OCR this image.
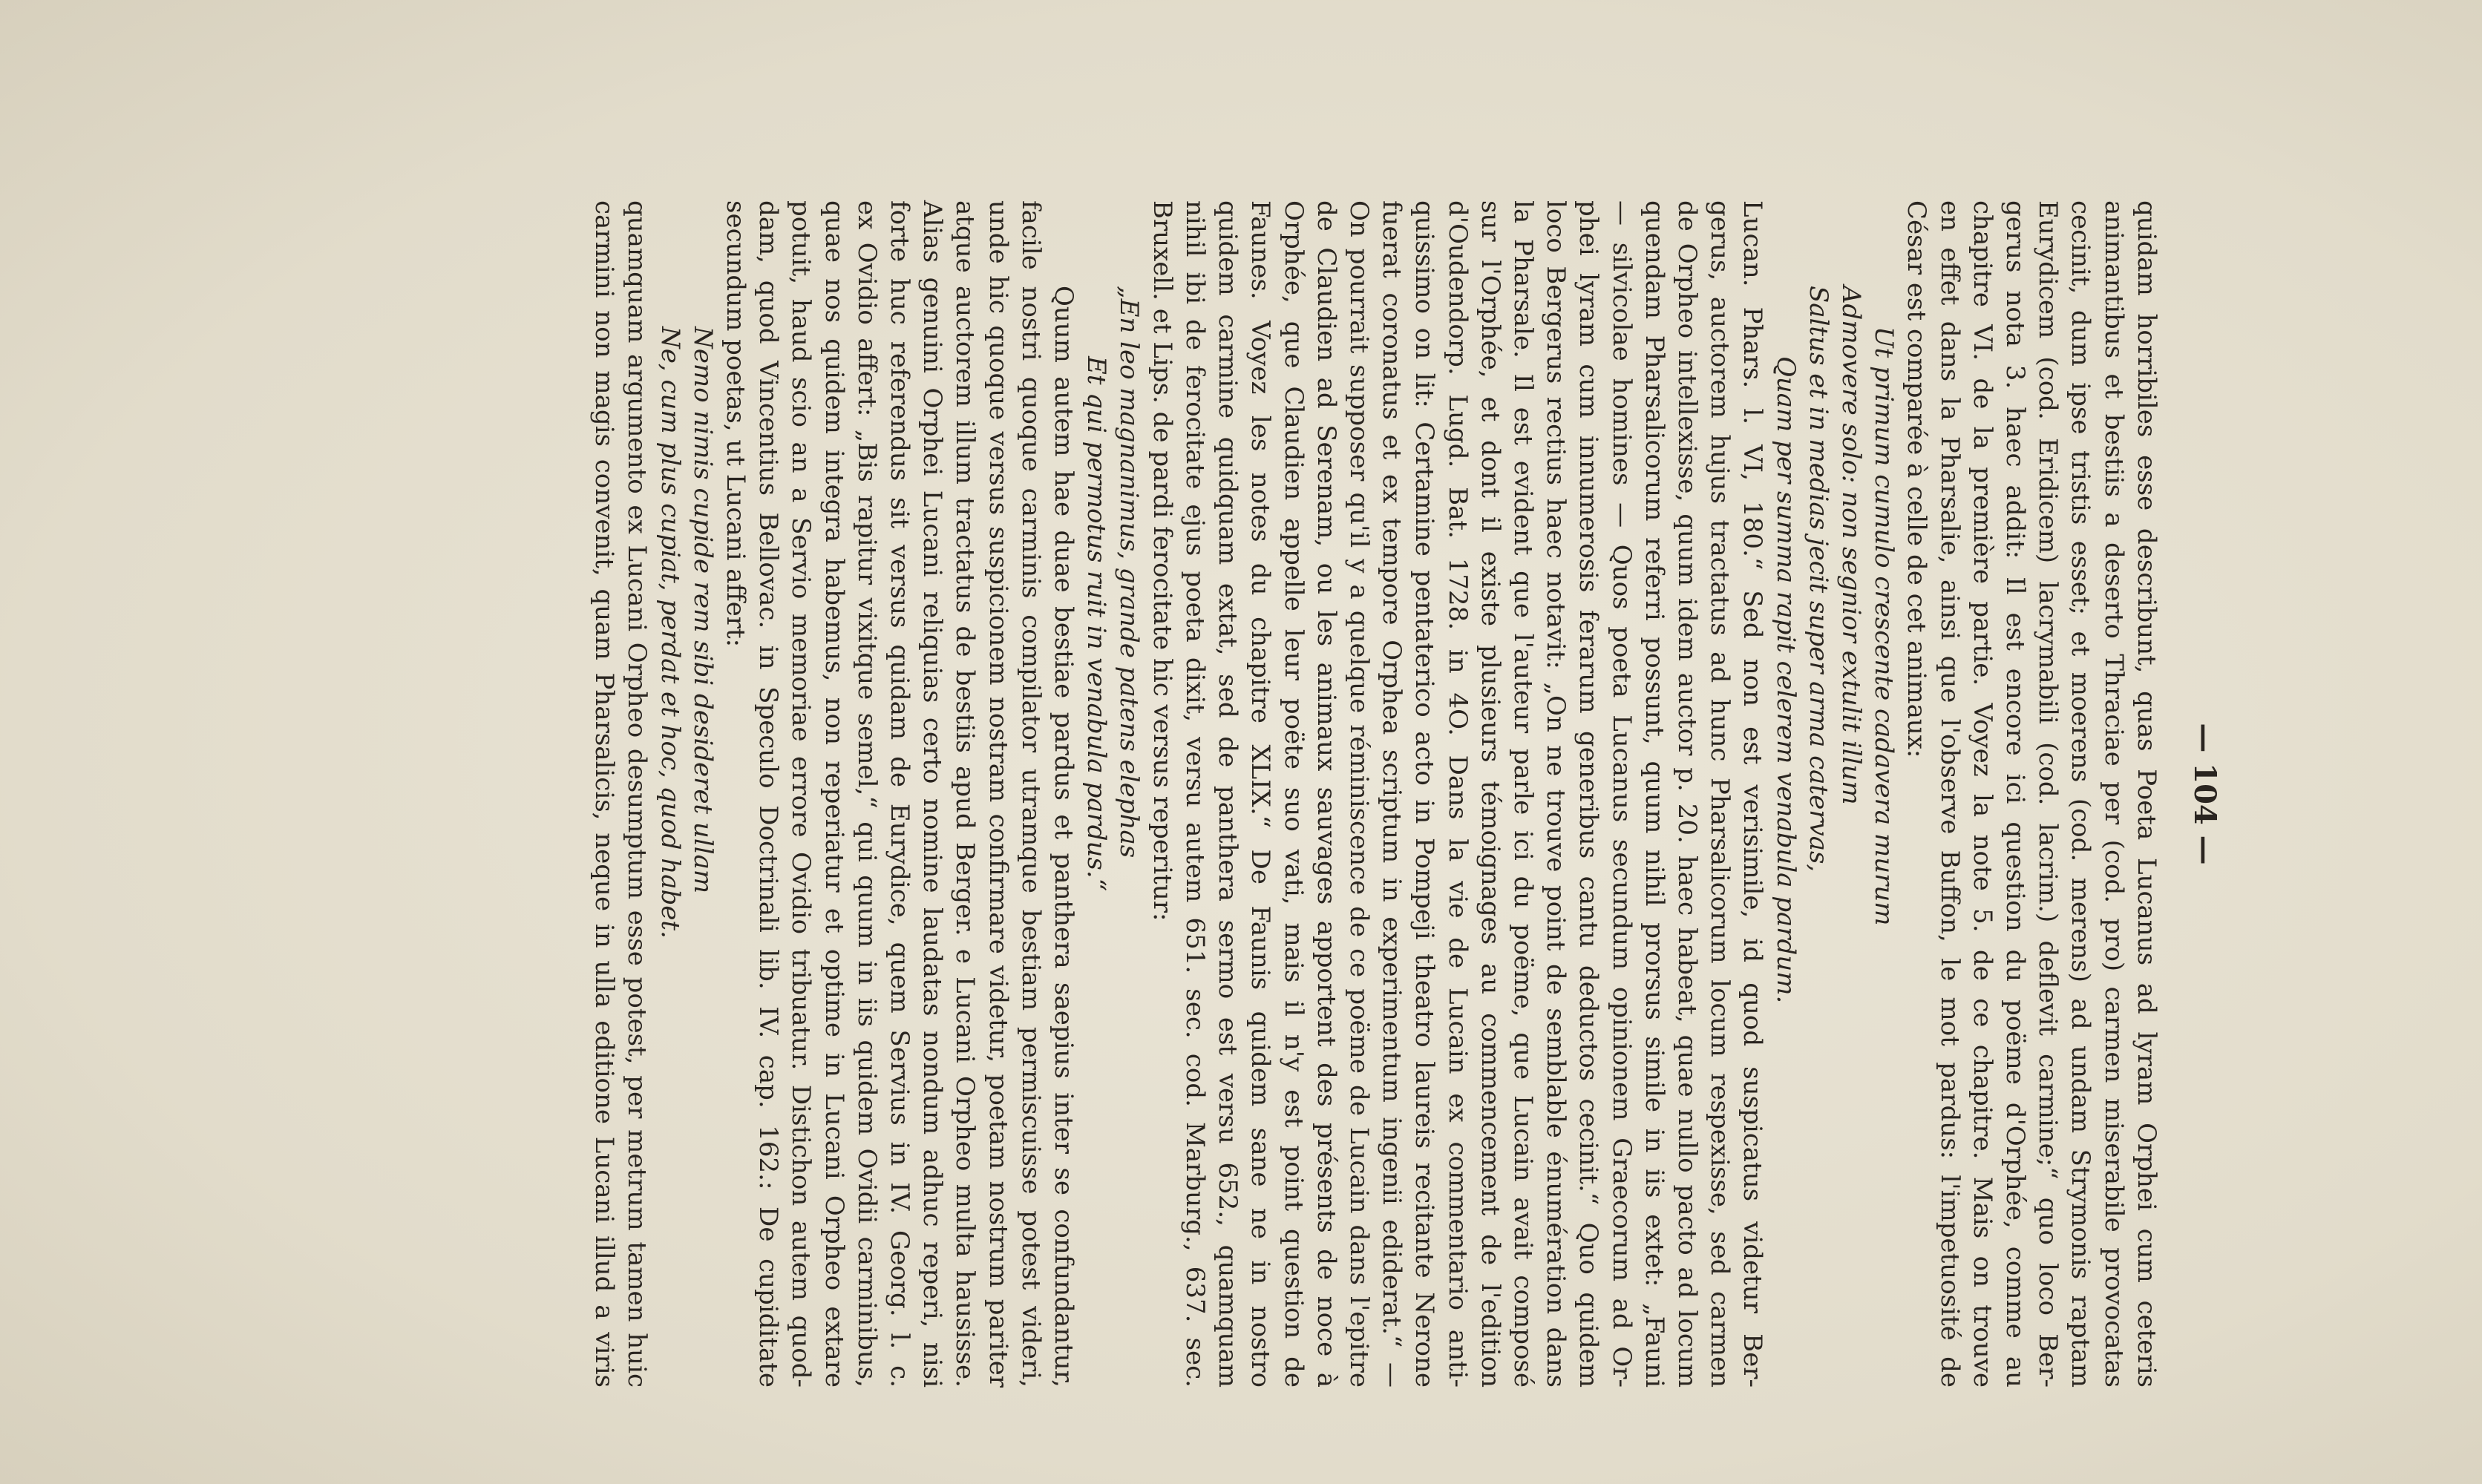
— 104 —
quidam horribiles esse describunt, quas Poeta Lucanus ad lyram Orphei cum ceteris
animantibus et bestiis a deserto Thraciae per (cod. pro) carmen miserabile provocatas
cecinit, dum ipse tristis esset; et moerens (cod. merens) ad undam Strymonis raptam
Eurydicem (cod. Eridicem) lacrymabili (cod. lacrim.) deflevit carmine;“ quo loco Ber-
gerus nota 3. haec addit: Il est encore ici question du poëme d'Orphée, comme au
chapitre VI. de la première partie. Voyez la note 5. de ce chapitre. Mais on trouve
en effet dans la Pharsalie, ainsi que l'observe Buffon, le mot pardus: l'impetuosité de
César est comparée à celle de cet animaux:
Ut primum cumulo crescente cadavera murum
Admovere solo: non segnior extulit illum
Saltus et in medias jecit super arma catervas,
Quam per summa rapit celerem venabula pardum.
Lucan. Phars. l. VI, 180.“ Sed non est verisimile, id quod suspicatus videtur Ber-
gerus, auctorem hujus tractatus ad hunc Pharsalicorum locum respexisse, sed carmen
de Orpheo intellexisse, quum idem auctor p. 20. haec habeat, quae nullo pacto ad locum
quendam Pharsalicorum referri possunt, quum nihil prorsus simile in iis extet: „Fauni
— silvicolae homines — Quos poeta Lucanus secundum opinionem Graecorum ad Or-
phei lyram cum innumerosis ferarum generibus cantu deductos cecinit.“ Quo quidem
loco Bergerus rectius haec notavit: „On ne trouve point de semblable énumération dans
la Pharsale. Il est evident que l'auteur parle ici du poëme, que Lucain avait composé
sur l'Orphée, et dont il existe plusieurs témoignages au commencement de l'edition
d'Oudendorp. Lugd. Bat. 1728. in 4O. Dans la vie de Lucain ex commentario anti-
quissimo on lit: Certamine pentaterico acto in Pompeji theatro laureis recitante Nerone
fuerat coronatus et ex tempore Orphea scriptum in experimentum ingenii ediderat.“ —
On pourrait supposer qu'il y a quelque réminiscence de ce poëme de Lucain dans l'epitre
de Claudien ad Serenam, ou les animaux sauvages apportent des présents de noce à
Orphée, que Claudien appelle leur poëte suo vati, mais il n'y est point question de
Faunes. Voyez les notes du chapitre XLIX.“ De Faunis quidem sane ne in nostro
quidem carmine quidquam extat, sed de panthera sermo est versu 652., quamquam
nihil ibi de ferocitate ejus poeta dixit, versu autem 651. sec. cod. Marburg., 637. sec.
Bruxell. et Lips. de pardi ferocitate hic versus reperitur:
„En leo magnanimus, grande patens elephas
Et qui permotus ruit in venabula pardus.“
Quum autem hae duae bestiae pardus et panthera saepius inter se confundantur,
facile nostri quoque carminis compilator utramque bestiam permiscuisse potest videri,
unde hic quoque versus suspicionem nostram confirmare videtur, poetam nostrum pariter
atque auctorem illum tractatus de bestiis apud Berger. e Lucani Orpheo multa hausisse.
Alias genuini Orphei Lucani reliquias certo nomine laudatas nondum adhuc reperi, nisi
forte huc referendus sit versus quidam de Eurydice, quem Servius in IV. Georg. l. c.
ex Ovidio affert: „Bis rapitur vixitque semel,“ qui quum in iis quidem Ovidii carminibus,
quae nos quidem integra habemus, non reperiatur et optime in Lucani Orpheo extare
potuit, haud scio an a Servio memoriae errore Ovidio tribuatur. Distichon autem quod-
dam, quod Vincentius Bellovac. in Speculo Doctrinali lib. IV. cap. 162.: De cupiditate
secundum poetas, ut Lucani affert:
Nemo nimis cupide rem sibi desideret ullam
Ne, cum plus cupiat, perdat et hoc, quod habet.
quamquam argumento ex Lucani Orpheo desumptum esse potest, per metrum tamen huic
carmini non magis convenit, quam Pharsalicis, neque in ulla editione Lucani illud a viris
